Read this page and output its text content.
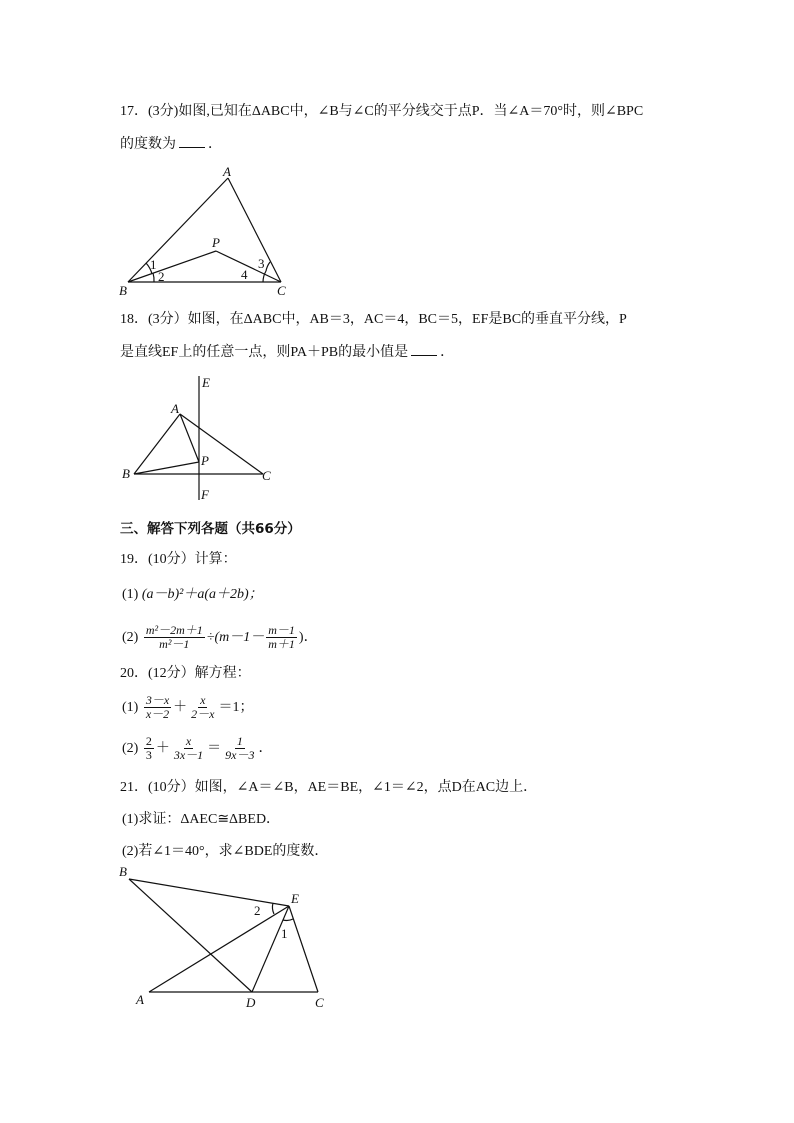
17．(3分)如图,已知在ΔABC中，∠B与∠C的平分线交于点P．当∠A＝70°时，则∠BPC
的度数为 ．
A
B	C
P
1
2
3
4
18．(3分）如图，在ΔABC中，AB＝3，AC＝4，BC＝5，EF是BC的垂直平分线，P
是直线EF上的任意一点，则PA＋PB的最小值是 ．
A
B	C
P
E
F
三、解答下列各题（共66分）
19．(10分）计算：
(1) (a－b)²＋a(a＋2b)；
$(2) \frac{\text{m²－2m＋1}}{\text{m²－1}} \div(m-1- \frac{m-1}{m+1}$ )．
20．(12分）解方程：
$(1) \frac{3-x}{x-2} + \frac{x}{2-x} =1$；
$(2) \frac{2}{3} + \frac{x}{3x-1} = \frac{1}{9x-3}$ ．
21．(10分）如图，∠A＝∠B，AE＝BE，∠1＝∠2，点D在AC边上．
(1)求证：ΔAEC≅ΔBED．
(2)若∠1＝40°，求∠BDE的度数．
B
E
A	D	C
2
1
